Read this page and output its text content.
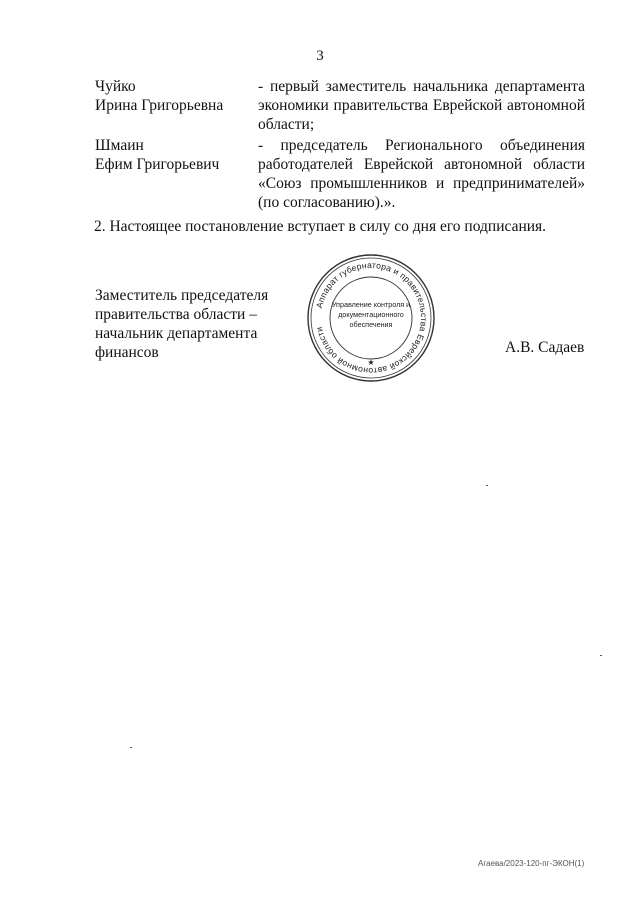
3
Чуйко
Ирина Григорьевна
- первый заместитель начальника департамента
экономики правительства Еврейской автономной
области;
Шмаин
Ефим Григорьевич
- председатель Регионального объединения
работодателей Еврейской автономной области
«Союз промышленников и предпринимателей»
(по согласованию).».
2. Настоящее постановление вступает в силу со дня его подписания.
Заместитель председателя
правительства области –
начальник департамента
финансов
Аппарат губернатора и правительства Еврейской автономной области
Управление контроля и
документационного
обеспечения
★
А.В. Садаев
Агаева/2023-120-пг-ЭКОН(1)
